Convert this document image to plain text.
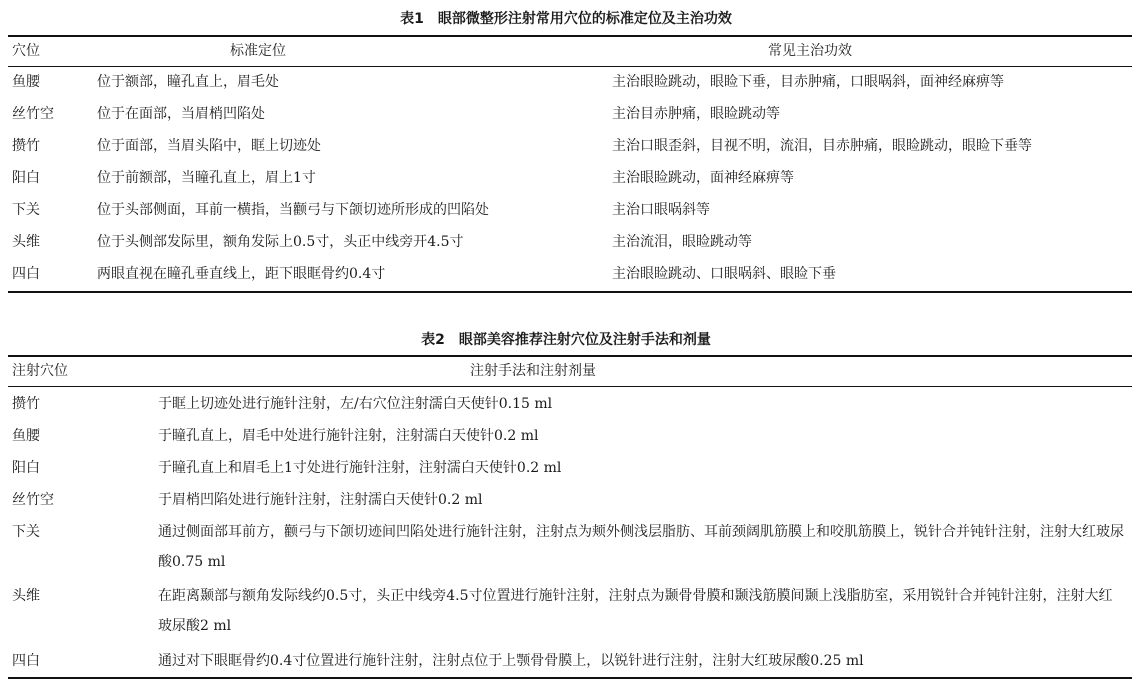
表1　眼部微整形注射常用穴位的标准定位及主治功效
穴位	标准定位	常见主治功效
鱼腰	位于额部，瞳孔直上，眉毛处	主治眼睑跳动，眼睑下垂，目赤肿痛，口眼㖞斜，面神经麻痹等
丝竹空	位于在面部，当眉梢凹陷处	主治目赤肿痛，眼睑跳动等
攒竹	位于面部，当眉头陷中，眶上切迹处	主治口眼歪斜，目视不明，流泪，目赤肿痛，眼睑跳动，眼睑下垂等
阳白	位于前额部，当瞳孔直上，眉上1寸	主治眼睑跳动，面神经麻痹等
下关	位于头部侧面，耳前一横指，当颧弓与下颌切迹所形成的凹陷处	主治口眼㖞斜等
头维	位于头侧部发际里，额角发际上0.5寸，头正中线旁开4.5寸	主治流泪，眼睑跳动等
四白	两眼直视在瞳孔垂直线上，距下眼眶骨约0.4寸	主治眼睑跳动、口眼㖞斜、眼睑下垂
表2　眼部美容推荐注射穴位及注射手法和剂量
注射穴位	注射手法和注射剂量
攒竹	于眶上切迹处进行施针注射，左/右穴位注射濡白天使针0.15 ml
鱼腰	于瞳孔直上，眉毛中处进行施针注射，注射濡白天使针0.2 ml
阳白	于瞳孔直上和眉毛上1寸处进行施针注射，注射濡白天使针0.2 ml
丝竹空	于眉梢凹陷处进行施针注射，注射濡白天使针0.2 ml
下关	通过侧面部耳前方，颧弓与下颌切迹间凹陷处进行施针注射，注射点为颊外侧浅层脂肪、耳前颈阔肌筋膜上和咬肌筋膜上，锐针合并钝针注射，注射大红玻尿酸0.75 ml
头维	在距离颞部与额角发际线约0.5寸，头正中线旁4.5寸位置进行施针注射，注射点为颞骨骨膜和颞浅筋膜间颞上浅脂肪室，采用锐针合并钝针注射，注射大红玻尿酸2 ml
四白	通过对下眼眶骨约0.4寸位置进行施针注射，注射点位于上颚骨骨膜上，以锐针进行注射，注射大红玻尿酸0.25 ml
